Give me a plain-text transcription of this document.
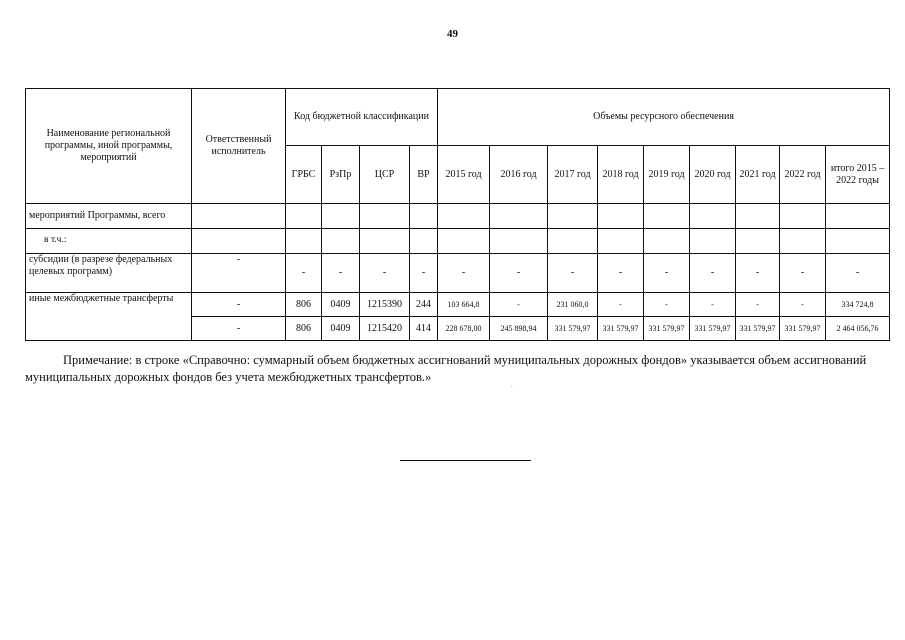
49
Наименование региональной программы, иной программы, мероприятий	Ответственный исполнитель	Код бюджетной классификации				Объемы ресурсного обеспечения								
		ГРБС	РзПр	ЦСР	ВР	2015 год	2016 год	2017 год	2018 год	2019 год	2020 год	2021 год	2022 год	итого 2015 – 2022 годы
мероприятий Программы, всего														
в т.ч.:														
субсидии (в разрезе федеральных целевых программ)	-	-	-	-	-	-	-	-	-	-	-	-	-	-
иные межбюджетные трансферты	-	806	0409	1215390	244	103 664,8	-	231 060,0	-	-	-	-	-	334 724,8
	-	806	0409	1215420	414	228 678,00	245 898,94	331 579,97	331 579,97	331 579,97	331 579,97	331 579,97	331 579,97	2 464 056,76
Примечание: в строке «Справочно: суммарный объем бюджетных ассигнований муниципальных дорожных фондов» указывается объем ассигнований муниципальных дорожных фондов без учета межбюджетных трансфертов.»
.
